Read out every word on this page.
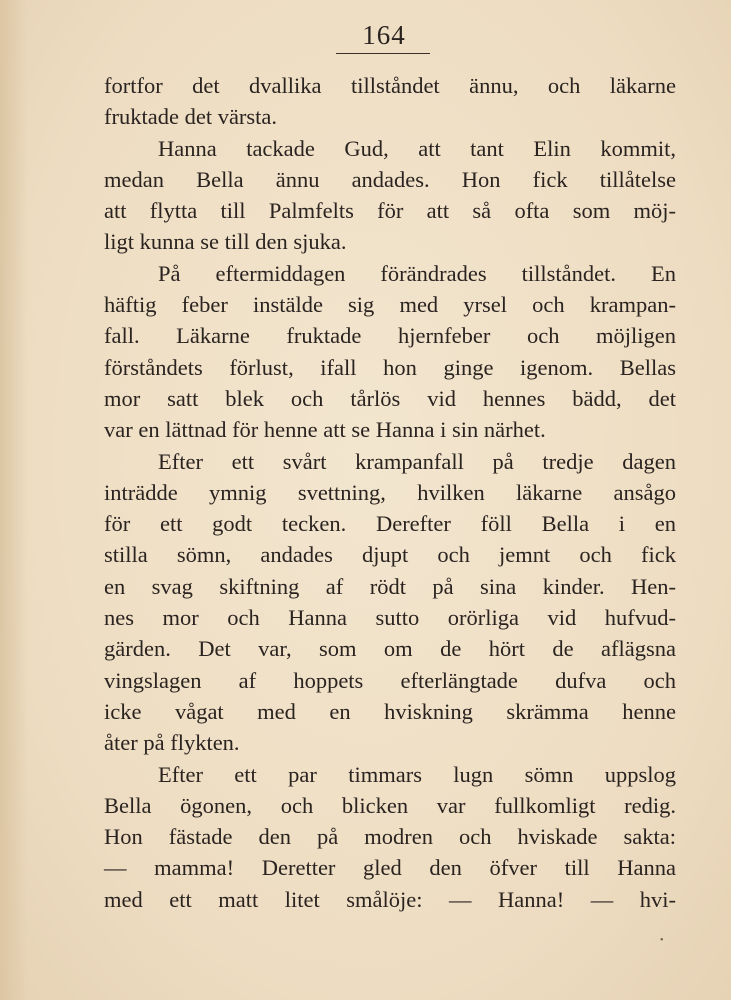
164
fortfor det dvallika tillståndet ännu, och läkarne
fruktade det värsta.
Hanna tackade Gud, att tant Elin kommit,
medan Bella ännu andades. Hon fick tillåtelse
att flytta till Palmfelts för att så ofta som möj-
ligt kunna se till den sjuka.
På eftermiddagen förändrades tillståndet. En
häftig feber instälde sig med yrsel och krampan-
fall. Läkarne fruktade hjernfeber och möjligen
förståndets förlust, ifall hon ginge igenom. Bellas
mor satt blek och tårlös vid hennes bädd, det
var en lättnad för henne att se Hanna i sin närhet.
Efter ett svårt krampanfall på tredje dagen
inträdde ymnig svettning, hvilken läkarne ansågo
för ett godt tecken. Derefter föll Bella i en
stilla sömn, andades djupt och jemnt och fick
en svag skiftning af rödt på sina kinder. Hen-
nes mor och Hanna sutto orörliga vid hufvud-
gärden. Det var, som om de hört de aflägsna
vingslagen af hoppets efterlängtade dufva och
icke vågat med en hviskning skrämma henne
åter på flykten.
Efter ett par timmars lugn sömn uppslog
Bella ögonen, och blicken var fullkomligt redig.
Hon fästade den på modren och hviskade sakta:
— mamma! Deretter gled den öfver till Hanna
med ett matt litet smålöje: — Hanna! — hvi-
•
